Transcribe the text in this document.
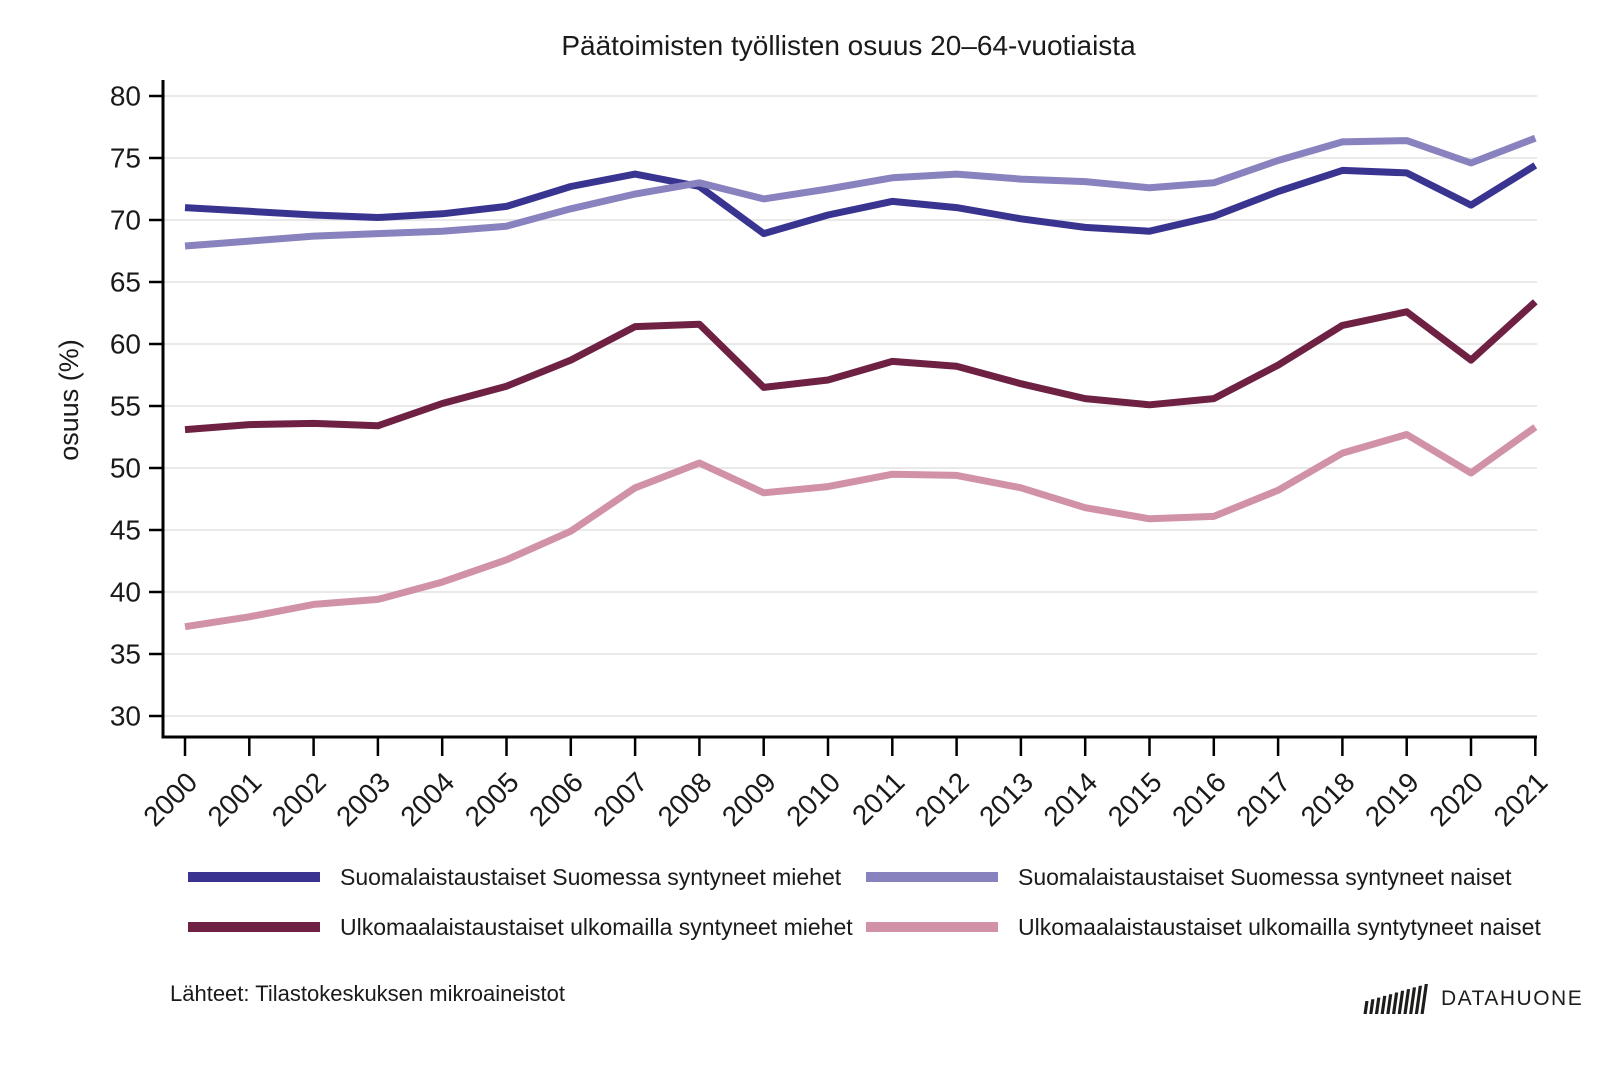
Päätoimisten työllisten osuus 20–64-vuotiaista
30
35
40
45
50
55
60
65
70
75
80
2000
2001
2002
2003
2004
2005
2006
2007
2008
2009
2010 2011
2012
2013
2014
2015
2016
2017
2018
2019
2020
2021
osuus (%)
Suomalaistaustaiset Suomessa syntyneet miehet	Suomalaistaustaiset Suomessa syntyneet naiset
Ulkomaalaistaustaiset ulkomailla syntyneet miehet	Ulkomaalaistaustaiset ulkomailla syntytyneet naiset
Lähteet: Tilastokeskuksen mikroaineistot	DATAHUONE
